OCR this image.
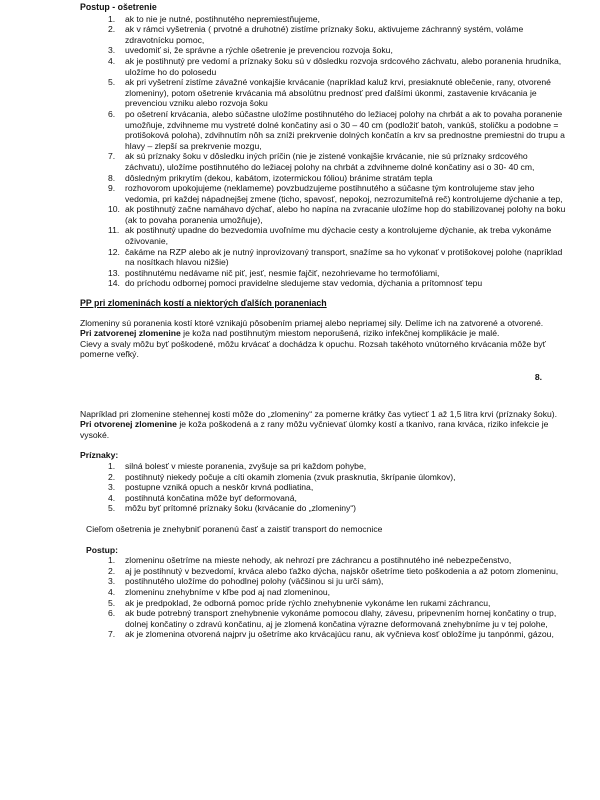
Postup - ošetrenie

1. ak to nie je nutné, postihnutého nepremiestňujeme,
2. ak v rámci vyšetrenia ( prvotné a druhotné) zistíme príznaky šoku, aktivujeme záchranný systém, voláme zdravotnícku pomoc,
3. uvedomiť si, že správne a rýchle ošetrenie je prevenciou rozvoja šoku,
4. ak je postihnutý pre vedomí a príznaky šoku sú v dôsledku rozvoja srdcového záchvatu, alebo poranenia hrudníka, uložíme ho do polosedu
5. ak pri vyšetrení zistíme závažné vonkajšie krvácanie (napríklad kaluž krvi, presiaknuté oblečenie, rany, otvorené zlomeniny), potom ošetrenie krvácania má absolútnu prednosť pred ďalšími úkonmi, zastavenie krvácania je prevenciou vzniku alebo rozvoja šoku
6. po ošetrení krvácania, alebo súčastne uložíme postihnutého do ležiacej polohy na chrbát a ak to povaha poranenie umožňuje, zdvihneme mu vystreté dolné končatiny asi o 30 – 40 cm (podložiť batoh, vankúš, stoličku a podobne = protišoková poloha), zdvihnutím nôh sa zníži prekrvenie dolných končatín a krv sa prednostne premiestni do trupu a hlavy – zlepší sa prekrvenie mozgu,
7. ak sú príznaky šoku v dôsledku iných príčin (nie je zistené vonkajšie krvácanie, nie sú príznaky srdcového záchvatu), uložíme postihnutého do ležiacej polohy na chrbát a zdvihneme dolné končatiny asi o 30- 40 cm,
8. dôsledným prikrytím (dekou, kabátom, izotermickou fóliou) bránime stratám tepla
9. rozhovorom upokojujeme (neklameme) povzbudzujeme postihnutého a súčasne tým kontrolujeme stav jeho vedomia, pri každej nápadnejšej zmene (ticho, spavosť, nepokoj, nezrozumiteľná reč) kontrolujeme dýchanie a tep,
10. ak postihnutý začne namáhavo dýchať, alebo ho napína na zvracanie uložíme hop do stabilizovanej polohy na boku (ak to povaha poranenia umožňuje),
11. ak postihnutý upadne do bezvedomia uvoľníme mu dýchacie cesty a kontrolujeme dýchanie, ak treba vykonáme oživovanie,
12. čakáme na RZP alebo ak je nutný inprovizovaný transport, snažíme sa ho vykonať v protišokovej polohe (napríklad na nosítkach hlavou nižšie)
13. postihnutému nedávame nič piť, jesť, nesmie fajčiť, nezohrievame ho termofóliami,
14. do príchodu odbornej pomoci pravidelne sledujeme stav vedomia, dýchania a prítomnosť tepu

PP pri zlomeninách kostí a niektorých ďalších poraneniach

Zlomeniny sú poranenia kostí ktoré vznikajú pôsobením priamej alebo nepriamej sily. Delíme ich na zatvorené a otvorené.

Pri zatvorenej zlomenine je koža nad postihnutým miestom neporušená, riziko infekčnej komplikácie je malé.

Cievy a svaly môžu byť poškodené, môžu krvácať a dochádza k opuchu. Rozsah takéhoto vnútorného krvácania môže byť pomerne veľký.

8.

Napríklad pri zlomenine stehennej kosti môže do „zlomeniny“ za pomerne krátky čas vytiecť 1 až 1,5 litra krvi (príznaky šoku).

Pri otvorenej zlomenine je koža poškodená a z rany môžu vyčnievať úlomky kostí a tkanivo, rana krváca, riziko infekcie je vysoké.

Príznaky:

1. silná bolesť v mieste poranenia, zvyšuje sa pri každom pohybe,
2. postihnutý niekedy počuje a cíti okamih zlomenia (zvuk prasknutia, škrípanie úlomkov),
3. postupne vzniká opuch a neskôr krvná podliatina,
4. postihnutá končatina môže byť deformovaná,
5. môžu byť prítomné príznaky šoku (krvácanie do „zlomeniny“)

Cieľom ošetrenia je znehybniť poranenú časť a zaistiť transport do nemocnice

Postup:

1. zlomeninu ošetríme na mieste nehody, ak nehrozí pre záchrancu a postihnutého iné nebezpečenstvo,
2. aj je postihnutý v bezvedomí, krváca alebo ťažko dýcha, najskôr ošetríme tieto poškodenia a až potom zlomeninu,
3. postihnutého uložíme do pohodlnej polohy (väčšinou si ju určí sám),
4. zlomeninu znehybníme v kľbe pod aj nad zlomeninou,
5. ak je predpoklad, že odborná pomoc príde rýchlo znehybnenie vykonáme len rukami záchrancu,
6. ak bude potrebný transport znehybnenie vykonáme pomocou dlahy, závesu, pripevnením hornej končatiny o trup, dolnej končatiny o zdravú končatinu, aj je zlomená končatina výrazne deformovaná znehybníme ju v tej polohe,
7. ak je zlomenina otvorená najprv ju ošetríme ako krvácajúcu ranu, ak vyčnieva kosť obložíme ju tanpónmi, gázou,
